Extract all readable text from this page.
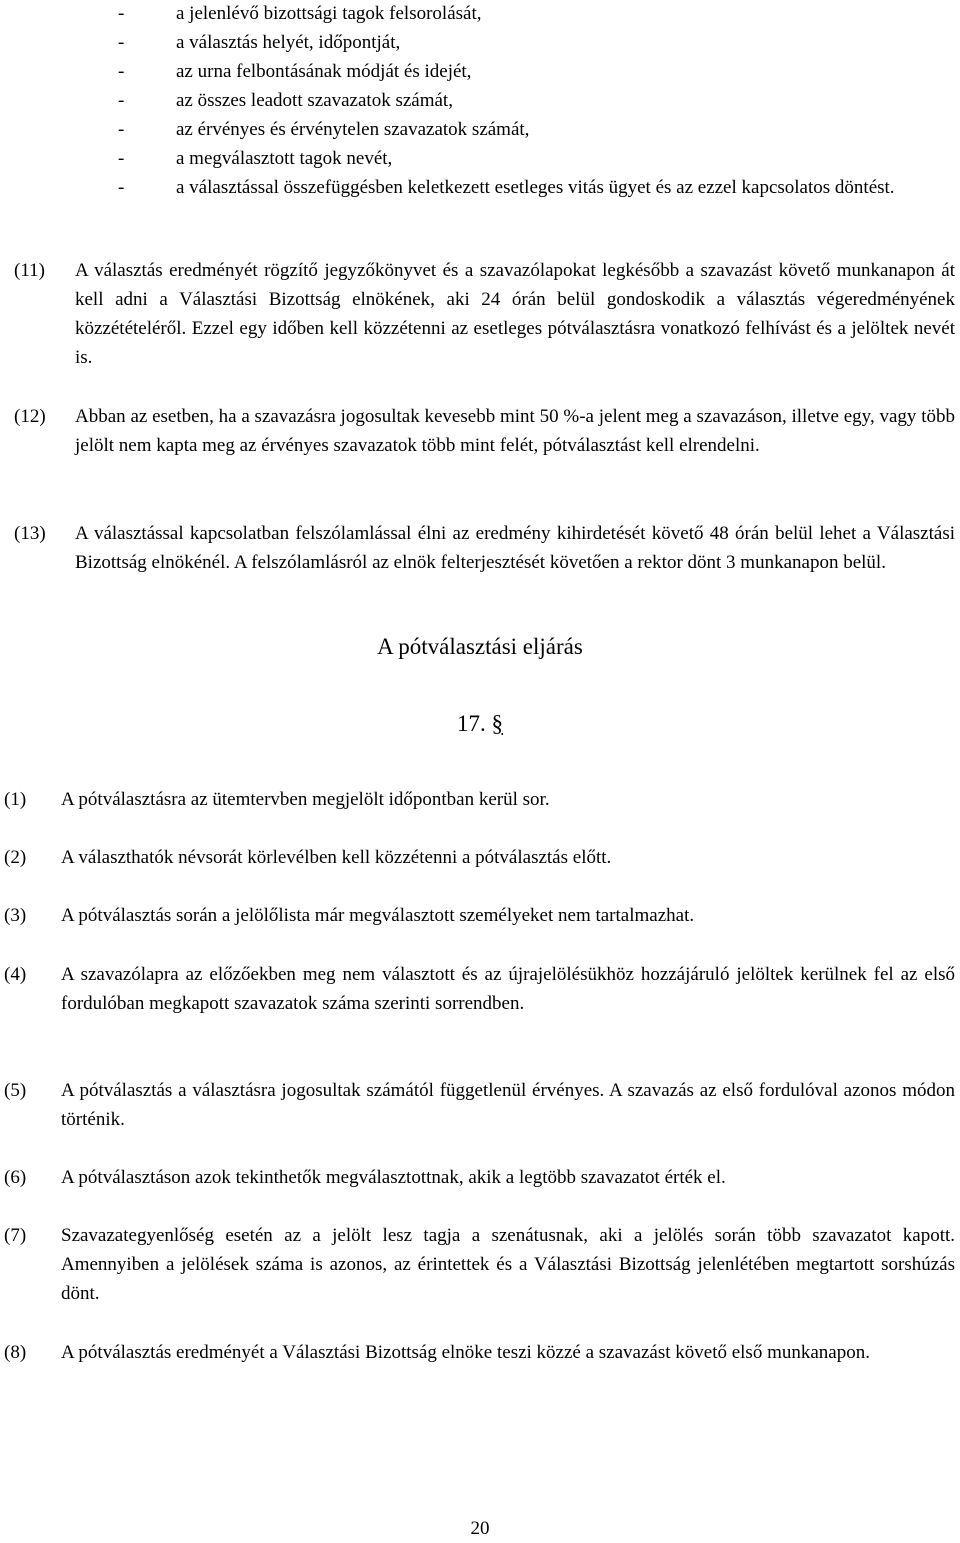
-	a jelenlévő bizottsági tagok felsorolását,
-	a választás helyét, időpontját,
-	az urna felbontásának módját és idejét,
-	az összes leadott szavazatok számát,
-	az érvényes és érvénytelen szavazatok számát,
-	a megválasztott tagok nevét,
-	a választással összefüggésben keletkezett esetleges vitás ügyet és az ezzel kapcsolatos döntést.
(11) A választás eredményét rögzítő jegyzőkönyvet és a szavazólapokat legkésőbb a szavazást követő munkanapon át kell adni a Választási Bizottság elnökének, aki 24 órán belül gondoskodik a választás végeredményének közzétételéről. Ezzel egy időben kell közzétenni az esetleges pótválasztásra vonatkozó felhívást és a jelöltek nevét is.
(12) Abban az esetben, ha a szavazásra jogosultak kevesebb mint 50 %-a jelent meg a szavazáson, illetve egy, vagy több jelölt nem kapta meg az érvényes szavazatok több mint felét, pótválasztást kell elrendelni.
(13) A választással kapcsolatban felszólamlással élni az eredmény kihirdetését követő 48 órán belül lehet a Választási Bizottság elnökénél. A felszólamlásról az elnök felterjesztését követően a rektor dönt 3 munkanapon belül.
A pótválasztási eljárás
17. §
(1) A pótválasztásra az ütemtervben megjelölt időpontban kerül sor.
(2) A választhatók névsorát körlevélben kell közzétenni a pótválasztás előtt.
(3) A pótválasztás során a jelölőlista már megválasztott személyeket nem tartalmazhat.
(4) A szavazólapra az előzőekben meg nem választott és az újrajelölésükhöz hozzájáruló jelöltek kerülnek fel az első fordulóban megkapott szavazatok száma szerinti sorrendben.
(5) A pótválasztás a választásra jogosultak számától függetlenül érvényes. A szavazás az első fordulóval azonos módon történik.
(6) A pótválasztáson azok tekinthetők megválasztottnak, akik a legtöbb szavazatot érték el.
(7) Szavazategyenlőség esetén az a jelölt lesz tagja a szenátusnak, aki a jelölés során több szavazatot kapott. Amennyiben a jelölések száma is azonos, az érintettek és a Választási Bizottság jelenlétében megtartott sorshúzás dönt.
(8) A pótválasztás eredményét a Választási Bizottság elnöke teszi közzé a szavazást követő első munkanapon.
20
